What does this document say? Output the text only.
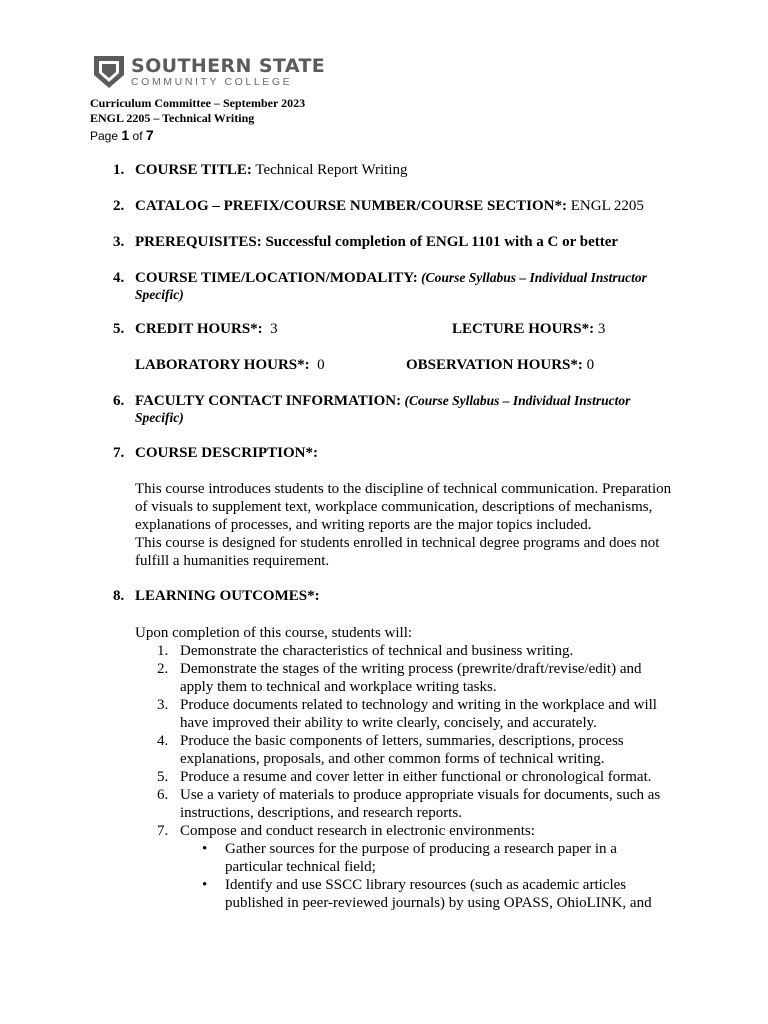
SOUTHERN STATE
COMMUNITY COLLEGE
Curriculum Committee – September 2023
ENGL 2205 – Technical Writing
Page 1 of 7
1. COURSE TITLE: Technical Report Writing
2. CATALOG – PREFIX/COURSE NUMBER/COURSE SECTION*: ENGL 2205
3. PREREQUISITES: Successful completion of ENGL 1101 with a C or better
4. COURSE TIME/LOCATION/MODALITY: (Course Syllabus – Individual Instructor
Specific)
5. CREDIT HOURS*: 3	LECTURE HOURS*: 3
LABORATORY HOURS*: 0	OBSERVATION HOURS*: 0
6. FACULTY CONTACT INFORMATION: (Course Syllabus – Individual Instructor
Specific)
7. COURSE DESCRIPTION*:
This course introduces students to the discipline of technical communication. Preparation
of visuals to supplement text, workplace communication, descriptions of mechanisms,
explanations of processes, and writing reports are the major topics included.
This course is designed for students enrolled in technical degree programs and does not
fulfill a humanities requirement.
8. LEARNING OUTCOMES*:
Upon completion of this course, students will:
1. Demonstrate the characteristics of technical and business writing.
2. Demonstrate the stages of the writing process (prewrite/draft/revise/edit) and
apply them to technical and workplace writing tasks.
3. Produce documents related to technology and writing in the workplace and will
have improved their ability to write clearly, concisely, and accurately.
4. Produce the basic components of letters, summaries, descriptions, process
explanations, proposals, and other common forms of technical writing.
5. Produce a resume and cover letter in either functional or chronological format.
6. Use a variety of materials to produce appropriate visuals for documents, such as
instructions, descriptions, and research reports.
7. Compose and conduct research in electronic environments:
• Gather sources for the purpose of producing a research paper in a
particular technical field;
• Identify and use SSCC library resources (such as academic articles
published in peer-reviewed journals) by using OPASS, OhioLINK, and
